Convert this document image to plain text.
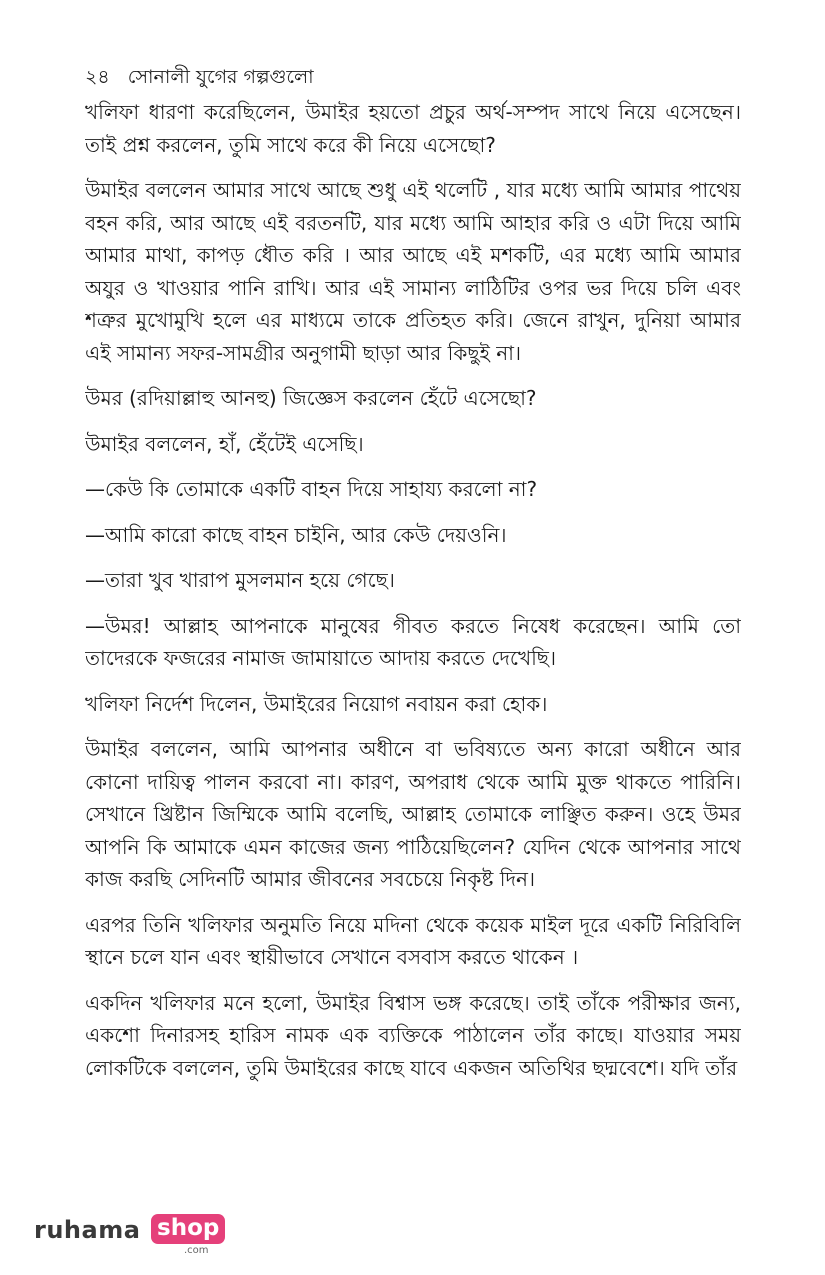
২৪ সোনালী যুগের গল্পগুলো

খলিফা ধারণা করেছিলেন, উমাইর হয়তো প্রচুর অর্থ-সম্পদ সাথে নিয়ে এসেছেন। তাই প্রশ্ন করলেন, তুমি সাথে করে কী নিয়ে এসেছো?

উমাইর বললেন আমার সাথে আছে শুধু এই থলেটি , যার মধ্যে আমি আমার পাথেয় বহন করি, আর আছে এই বরতনটি, যার মধ্যে আমি আহার করি ও এটা দিয়ে আমি আমার মাথা, কাপড় ধৌত করি । আর আছে এই মশকটি, এর মধ্যে আমি আমার অযুর ও খাওয়ার পানি রাখি। আর এই সামান্য লাঠিটির ওপর ভর দিয়ে চলি এবং শত্রুর মুখোমুখি হলে এর মাধ্যমে তাকে প্রতিহত করি। জেনে রাখুন, দুনিয়া আমার এই সামান্য সফর-সামগ্রীর অনুগামী ছাড়া আর কিছুই না।

উমর (রদিয়াল্লাহু আনহু) জিজ্ঞেস করলেন হেঁটে এসেছো?

উমাইর বললেন, হাঁ, হেঁটেই এসেছি।

—কেউ কি তোমাকে একটি বাহন দিয়ে সাহায্য করলো না?

—আমি কারো কাছে বাহন চাইনি, আর কেউ দেয়ওনি।

—তারা খুব খারাপ মুসলমান হয়ে গেছে।

—উমর! আল্লাহ আপনাকে মানুষের গীবত করতে নিষেধ করেছেন। আমি তো তাদেরকে ফজরের নামাজ জামায়াতে আদায় করতে দেখেছি।

খলিফা নির্দেশ দিলেন, উমাইরের নিয়োগ নবায়ন করা হোক।

উমাইর বললেন, আমি আপনার অধীনে বা ভবিষ্যতে অন্য কারো অধীনে আর কোনো দায়িত্ব পালন করবো না। কারণ, অপরাধ থেকে আমি মুক্ত থাকতে পারিনি। সেখানে খ্রিষ্টান জিম্মিকে আমি বলেছি, আল্লাহ তোমাকে লাঞ্ছিত করুন। ওহে উমর আপনি কি আমাকে এমন কাজের জন্য পাঠিয়েছিলেন? যেদিন থেকে আপনার সাথে কাজ করছি সেদিনটি আমার জীবনের সবচেয়ে নিকৃষ্ট দিন।

এরপর তিনি খলিফার অনুমতি নিয়ে মদিনা থেকে কয়েক মাইল দূরে একটি নিরিবিলি স্থানে চলে যান এবং স্থায়ীভাবে সেখানে বসবাস করতে থাকেন ।

একদিন খলিফার মনে হলো, উমাইর বিশ্বাস ভঙ্গ করেছে। তাই তাঁকে পরীক্ষার জন্য, একশো দিনারসহ হারিস নামক এক ব্যক্তিকে পাঠালেন তাঁর কাছে। যাওয়ার সময় লোকটিকে বললেন, তুমি উমাইরের কাছে যাবে একজন অতিথির ছদ্মবেশে। যদি তাঁর

ruhama shop
.com
